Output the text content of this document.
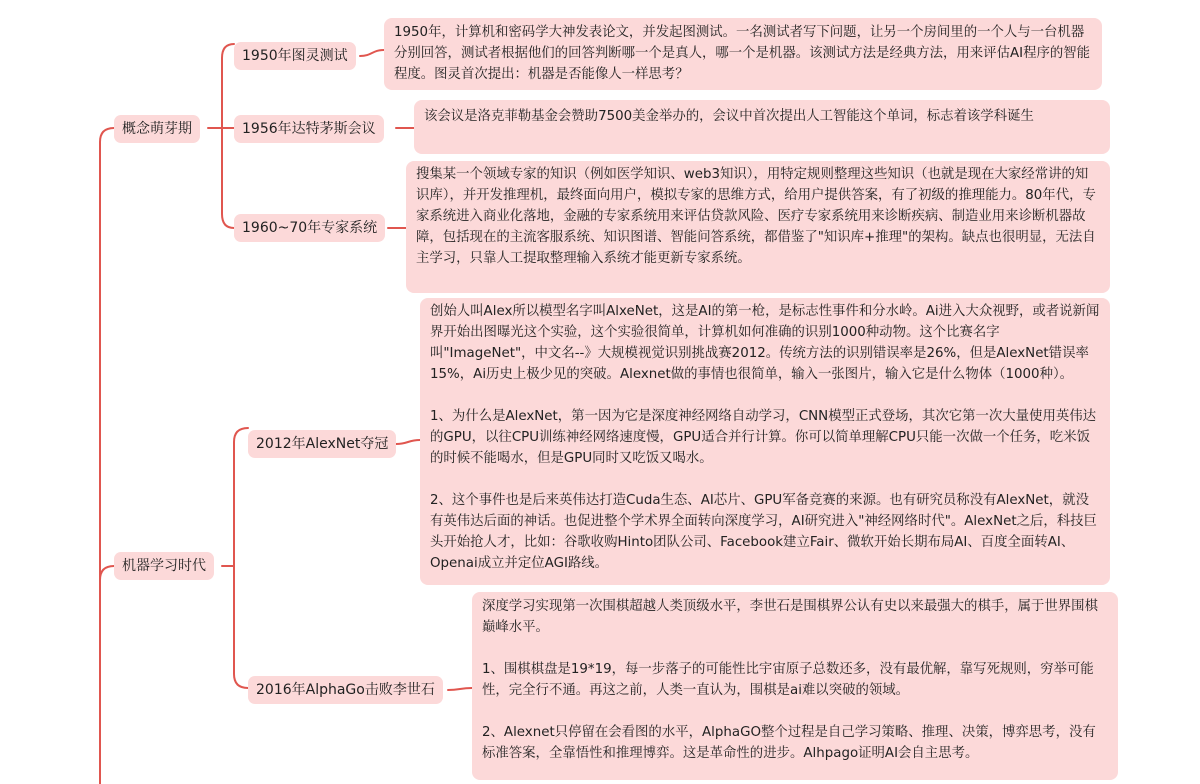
概念萌芽期
机器学习时代
1950年图灵测试
1956年达特茅斯会议
1960~70年专家系统
2012年AlexNet夺冠
2016年AlphaGo击败李世石
1950年，计算机和密码学大神发表论文，并发起图测试。一名测试者写下问题，让另一个房间里的一个人与一台机器分别回答，测试者根据他们的回答判断哪一个是真人，哪一个是机器。该测试方法是经典方法，用来评估AI程序的智能程度。图灵首次提出：机器是否能像人一样思考？
该会议是洛克菲勒基金会赞助7500美金举办的，会议中首次提出人工智能这个单词，标志着该学科诞生
搜集某一个领域专家的知识（例如医学知识、web3知识），用特定规则整理这些知识（也就是现在大家经常讲的知识库），并开发推理机，最终面向用户，模拟专家的思维方式，给用户提供答案，有了初级的推理能力。80年代，专家系统进入商业化落地，金融的专家系统用来评估贷款风险、医疗专家系统用来诊断疾病、制造业用来诊断机器故障，包括现在的主流客服系统、知识图谱、智能问答系统，都借鉴了"知识库+推理"的架构。缺点也很明显，无法自主学习，只靠人工提取整理输入系统才能更新专家系统。
创始人叫Alex所以模型名字叫AlxeNet，这是AI的第一枪，是标志性事件和分水岭。Ai进入大众视野，或者说新闻界开始出图曝光这个实验，这个实验很简单，计算机如何准确的识别1000种动物。这个比赛名字叫"ImageNet"，中文名--》大规模视觉识别挑战赛2012。传统方法的识别错误率是26%，但是AlexNet错误率15%，Ai历史上极少见的突破。Alexnet做的事情也很简单，输入一张图片，输入它是什么物体（1000种）。

1、为什么是AlexNet，第一因为它是深度神经网络自动学习，CNN模型正式登场，其次它第一次大量使用英伟达的GPU，以往CPU训练神经网络速度慢，GPU适合并行计算。你可以简单理解CPU只能一次做一个任务，吃米饭的时候不能喝水，但是GPU同时又吃饭又喝水。

2、这个事件也是后来英伟达打造Cuda生态、AI芯片、GPU军备竞赛的来源。也有研究员称没有AlexNet，就没有英伟达后面的神话。也促进整个学术界全面转向深度学习，AI研究进入"神经网络时代"。AlexNet之后，科技巨头开始抢人才，比如：谷歌收购Hinto团队公司、Facebook建立Fair、微软开始长期布局AI、百度全面转AI、Openai成立并定位AGI路线。
深度学习实现第一次围棋超越人类顶级水平，李世石是围棋界公认有史以来最强大的棋手，属于世界围棋巅峰水平。

1、围棋棋盘是19*19，每一步落子的可能性比宇宙原子总数还多，没有最优解，靠写死规则，穷举可能性，完全行不通。再这之前，人类一直认为，围棋是ai难以突破的领域。

2、Alexnet只停留在会看图的水平，AlphaGO整个过程是自己学习策略、推理、决策，博弈思考，没有标准答案，全靠悟性和推理博弈。这是革命性的进步。Alhpago证明AI会自主思考。
